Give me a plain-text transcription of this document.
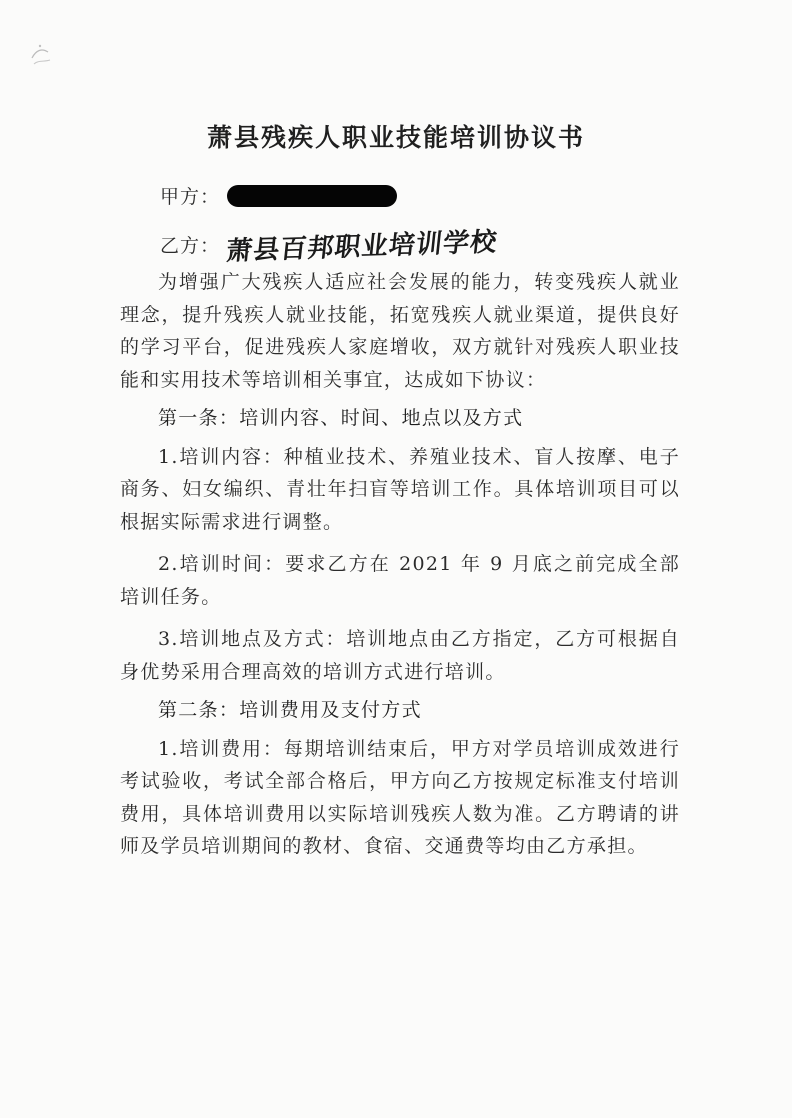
萧县残疾人职业技能培训协议书
甲方：
乙方： 萧县百邦职业培训学校

为增强广大残疾人适应社会发展的能力，转变残疾人就业理念，提升残疾人就业技能，拓宽残疾人就业渠道，提供良好的学习平台，促进残疾人家庭增收，双方就针对残疾人职业技能和实用技术等培训相关事宜，达成如下协议：

第一条：培训内容、时间、地点以及方式

1.培训内容：种植业技术、养殖业技术、盲人按摩、电子商务、妇女编织、青壮年扫盲等培训工作。具体培训项目可以根据实际需求进行调整。

2.培训时间：要求乙方在 2021 年 9 月底之前完成全部培训任务。

3.培训地点及方式：培训地点由乙方指定，乙方可根据自身优势采用合理高效的培训方式进行培训。

第二条：培训费用及支付方式

1.培训费用：每期培训结束后，甲方对学员培训成效进行考试验收，考试全部合格后，甲方向乙方按规定标准支付培训费用，具体培训费用以实际培训残疾人数为准。乙方聘请的讲师及学员培训期间的教材、食宿、交通费等均由乙方承担。
